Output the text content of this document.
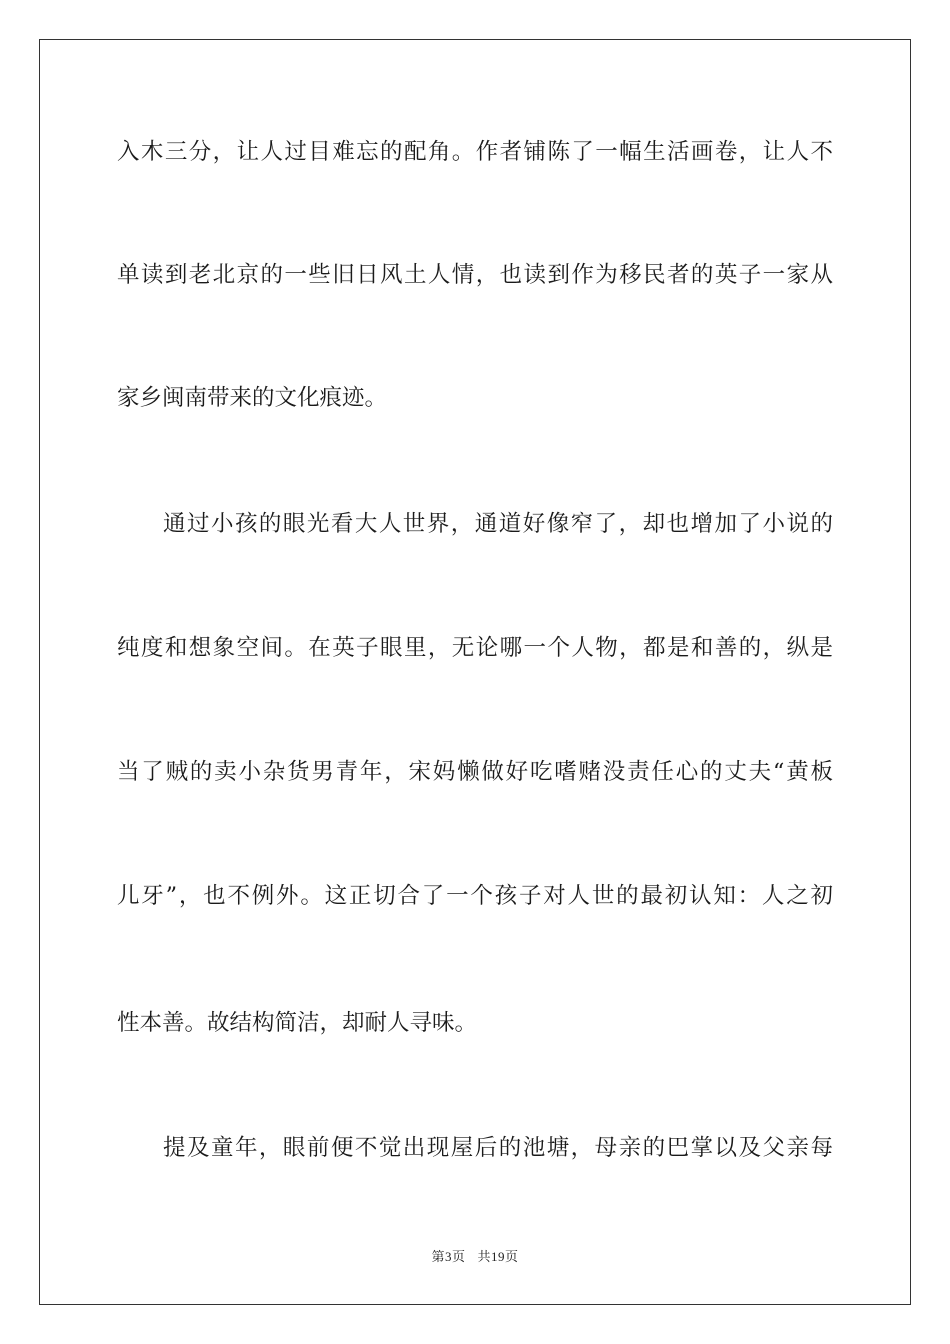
入木三分，让人过目难忘的配角。作者铺陈了一幅生活画卷，让人不
单读到老北京的一些旧日风土人情，也读到作为移民者的英子一家从
家乡闽南带来的文化痕迹。
通过小孩的眼光看大人世界，通道好像窄了，却也增加了小说的
纯度和想象空间。在英子眼里，无论哪一个人物，都是和善的，纵是
当了贼的卖小杂货男青年，宋妈懒做好吃嗜赌没责任心的丈夫“黄板
儿牙”，也不例外。这正切合了一个孩子对人世的最初认知：人之初
性本善。故结构简洁，却耐人寻味。
提及童年，眼前便不觉出现屋后的池塘，母亲的巴掌以及父亲每
第3页 共19页
